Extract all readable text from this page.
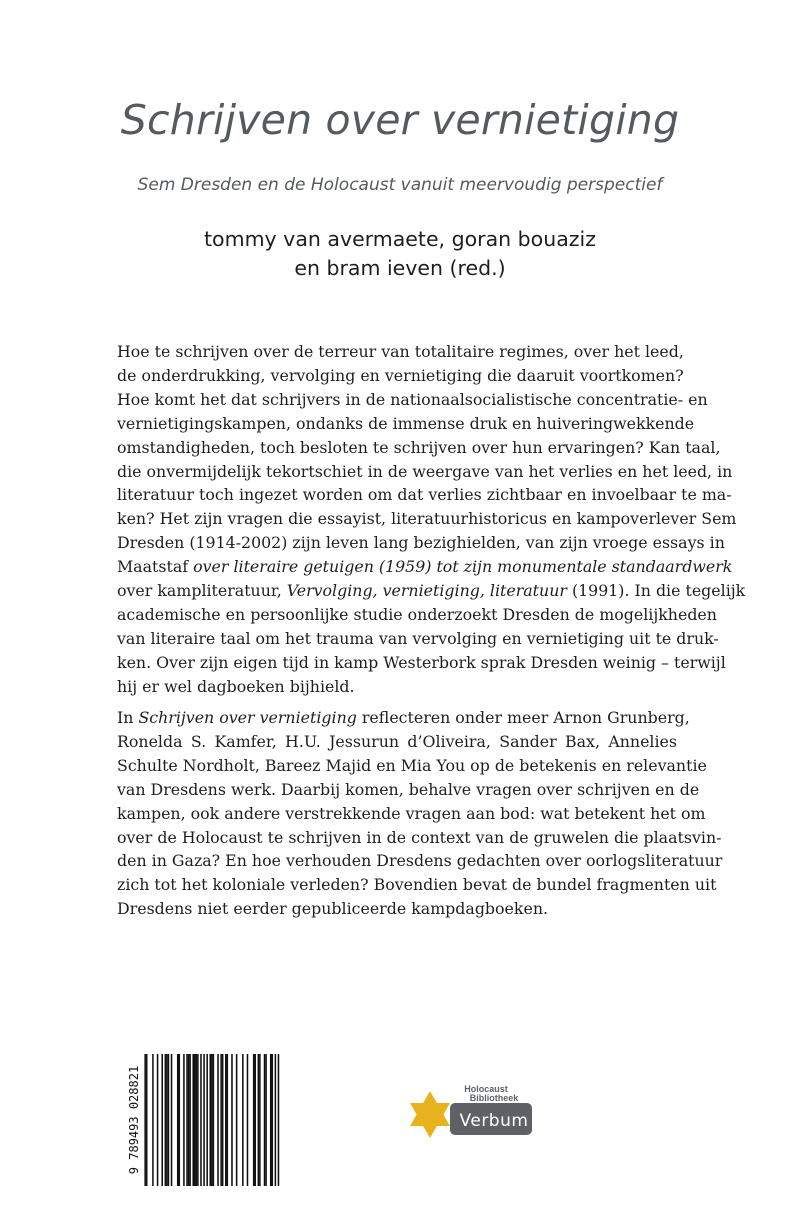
Schrijven over vernietiging
Sem Dresden en de Holocaust vanuit meervoudig perspectief
tommy van avermaete, goran bouaziz
en bram ieven (red.)
Hoe te schrijven over de terreur van totalitaire regimes, over het leed,
de onderdrukking, vervolging en vernietiging die daaruit voortkomen?
Hoe komt het dat schrijvers in de nationaalsocialistische concentratie- en
vernietigingskampen, ondanks de immense druk en huiveringwekkende
omstandigheden, toch besloten te schrijven over hun ervaringen? Kan taal,
die onvermijdelijk tekortschiet in de weergave van het verlies en het leed, in
literatuur toch ingezet worden om dat verlies zichtbaar en invoelbaar te ma-
ken? Het zijn vragen die essayist, literatuurhistoricus en kampoverlever Sem
Dresden (1914-2002) zijn leven lang bezighielden, van zijn vroege essays in
Maatstaf over literaire getuigen (1959) tot zijn monumentale standaardwerk
over kampliteratuur, Vervolging, vernietiging, literatuur (1991). In die tegelijk
academische en persoonlijke studie onderzoekt Dresden de mogelijkheden
van literaire taal om het trauma van vervolging en vernietiging uit te druk-
ken. Over zijn eigen tijd in kamp Westerbork sprak Dresden weinig – terwijl
hij er wel dagboeken bijhield.
In Schrijven over vernietiging reflecteren onder meer Arnon Grunberg,
Ronelda S. Kamfer, H.U. Jessurun d’Oliveira, Sander Bax, Annelies
Schulte Nordholt, Bareez Majid en Mia You op de betekenis en relevantie
van Dresdens werk. Daarbij komen, behalve vragen over schrijven en de
kampen, ook andere verstrekkende vragen aan bod: wat betekent het om
over de Holocaust te schrijven in de context van de gruwelen die plaatsvin-
den in Gaza? En hoe verhouden Dresdens gedachten over oorlogsliteratuur
zich tot het koloniale verleden? Bovendien bevat de bundel fragmenten uit
Dresdens niet eerder gepubliceerde kampdagboeken.
9 789493 028821	Holocaust
Bibliotheek
Verbum
